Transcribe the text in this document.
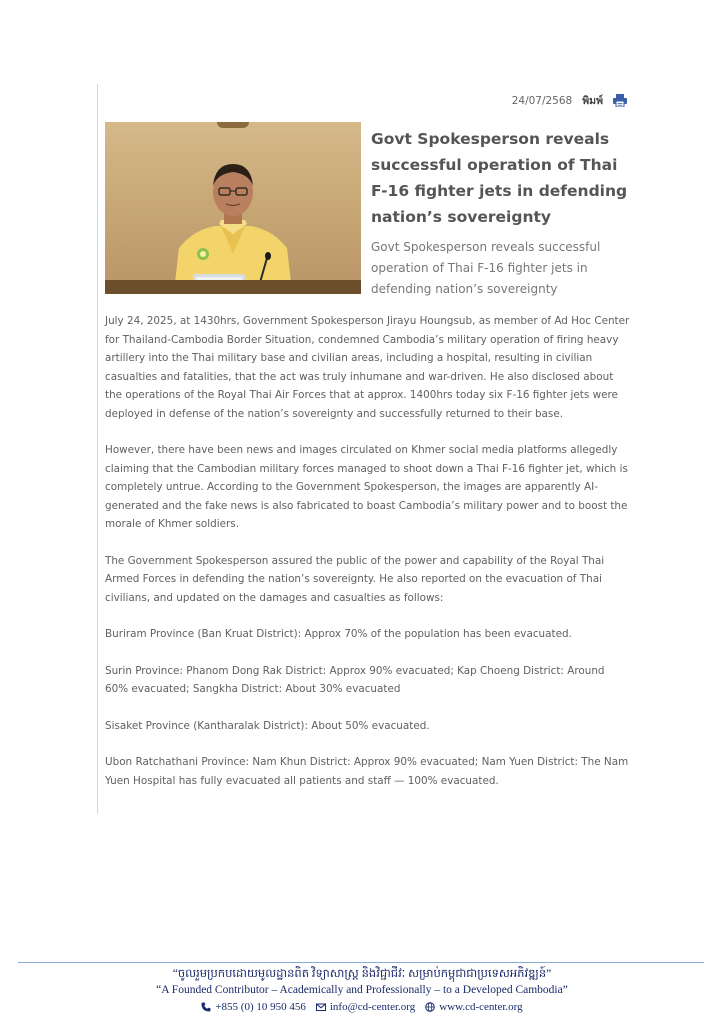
24/07/2568 พิมพ์
Govt Spokesperson reveals successful operation of Thai F-16 fighter jets in defending nation’s sovereignty
Govt Spokesperson reveals successful operation of Thai F-16 fighter jets in defending nation’s sovereignty

July 24, 2025, at 1430hrs, Government Spokesperson Jirayu Houngsub, as member of Ad Hoc Center for Thailand-Cambodia Border Situation, condemned Cambodia’s military operation of firing heavy artillery into the Thai military base and civilian areas, including a hospital, resulting in civilian casualties and fatalities, that the act was truly inhumane and war-driven. He also disclosed about the operations of the Royal Thai Air Forces that at approx. 1400hrs today six F-16 fighter jets were deployed in defense of the nation’s sovereignty and successfully returned to their base.

However, there have been news and images circulated on Khmer social media platforms allegedly claiming that the Cambodian military forces managed to shoot down a Thai F-16 fighter jet, which is completely untrue. According to the Government Spokesperson, the images are apparently AI-generated and the fake news is also fabricated to boast Cambodia’s military power and to boost the morale of Khmer soldiers.

The Government Spokesperson assured the public of the power and capability of the Royal Thai Armed Forces in defending the nation’s sovereignty. He also reported on the evacuation of Thai civilians, and updated on the damages and casualties as follows:

Buriram Province (Ban Kruat District): Approx 70% of the population has been evacuated.

Surin Province: Phanom Dong Rak District: Approx 90% evacuated; Kap Choeng District: Around 60% evacuated; Sangkha District: About 30% evacuated

Sisaket Province (Kantharalak District): About 50% evacuated.

Ubon Ratchathani Province: Nam Khun District: Approx 90% evacuated; Nam Yuen District: The Nam Yuen Hospital has fully evacuated all patients and staff — 100% evacuated.

“ចូលរួមប្រកបដោយមូលដ្ឋានពិត វិទ្យាសាស្ត្រ និងវិជ្ជាជីវៈ សម្រាប់កម្ពុជាជាប្រទេសអភិវឌ្ឍន៍”
“A Founded Contributor – Academically and Professionally – to a Developed Cambodia”
+855 (0) 10 950 456 info@cd-center.org www.cd-center.org
